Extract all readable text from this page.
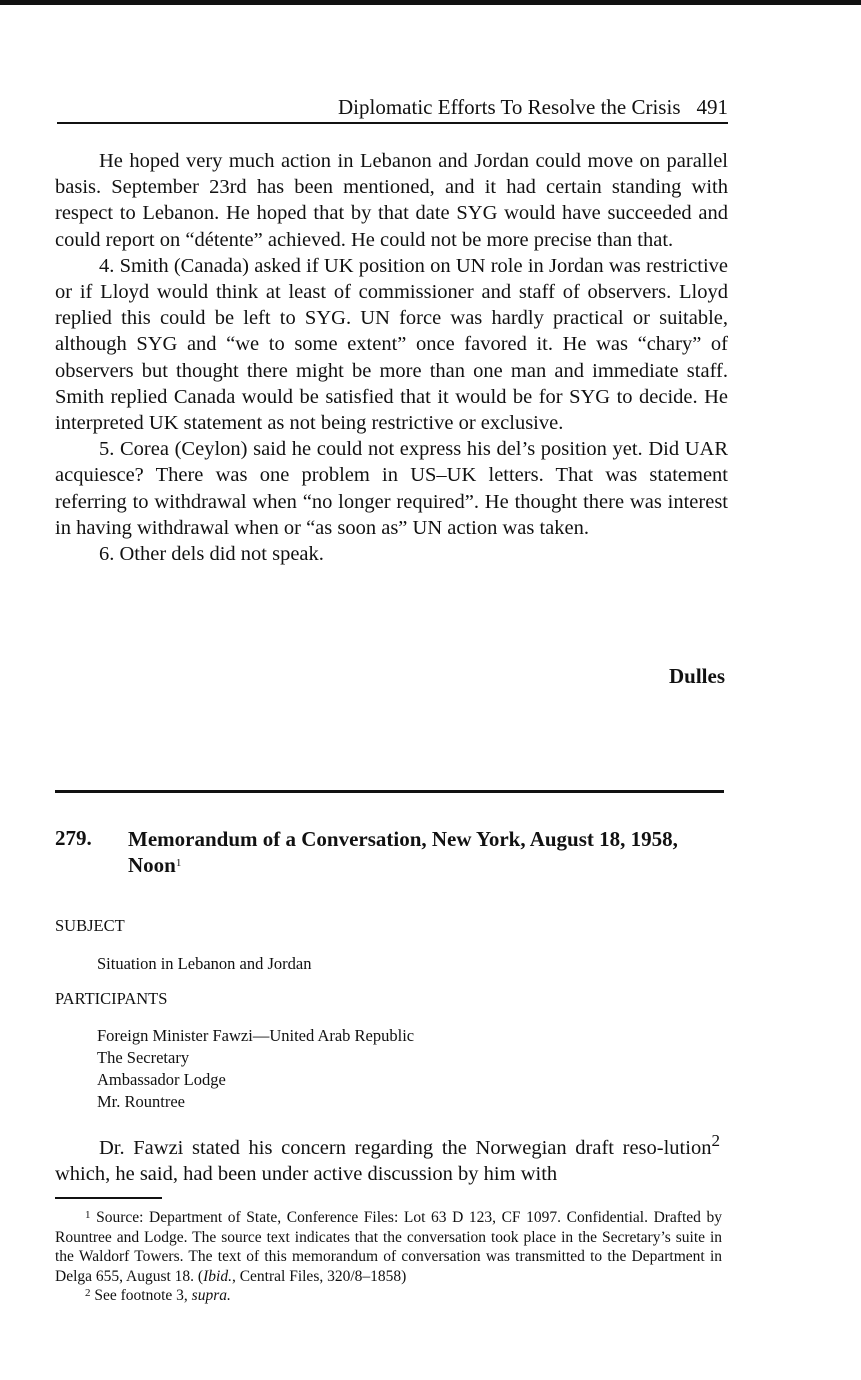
Diplomatic Efforts To Resolve the Crisis 491

He hoped very much action in Lebanon and Jordan could move on parallel basis. September 23rd has been mentioned, and it had certain standing with respect to Lebanon. He hoped that by that date SYG would have succeeded and could report on “détente” achieved. He could not be more precise than that.

4. Smith (Canada) asked if UK position on UN role in Jordan was restrictive or if Lloyd would think at least of commissioner and staff of observers. Lloyd replied this could be left to SYG. UN force was hardly practical or suitable, although SYG and “we to some extent” once favored it. He was “chary” of observers but thought there might be more than one man and immediate staff. Smith replied Canada would be satisfied that it would be for SYG to decide. He interpreted UK statement as not being restrictive or exclusive.

5. Corea (Ceylon) said he could not express his del’s position yet. Did UAR acquiesce? There was one problem in US–UK letters. That was statement referring to withdrawal when “no longer required”. He thought there was interest in having withdrawal when or “as soon as” UN action was taken.

6. Other dels did not speak.

Dulles
279. Memorandum of a Conversation, New York, August 18, 1958, Noon$^1$
SUBJECT
Situation in Lebanon and Jordan
PARTICIPANTS
Foreign Minister Fawzi—United Arab Republic
The Secretary
Ambassador Lodge
Mr. Rountree

Dr. Fawzi stated his concern regarding the Norwegian draft reso-lution$^2$ which, he said, had been under active discussion by him with

$^1$ Source: Department of State, Conference Files: Lot 63 D 123, CF 1097. Confidential. Drafted by Rountree and Lodge. The source text indicates that the conversation took place in the Secretary’s suite in the Waldorf Towers. The text of this memorandum of conversation was transmitted to the Department in Delga 655, August 18. (Ibid., Central Files, 320/8–1858)

$^2$ See footnote 3, supra.
